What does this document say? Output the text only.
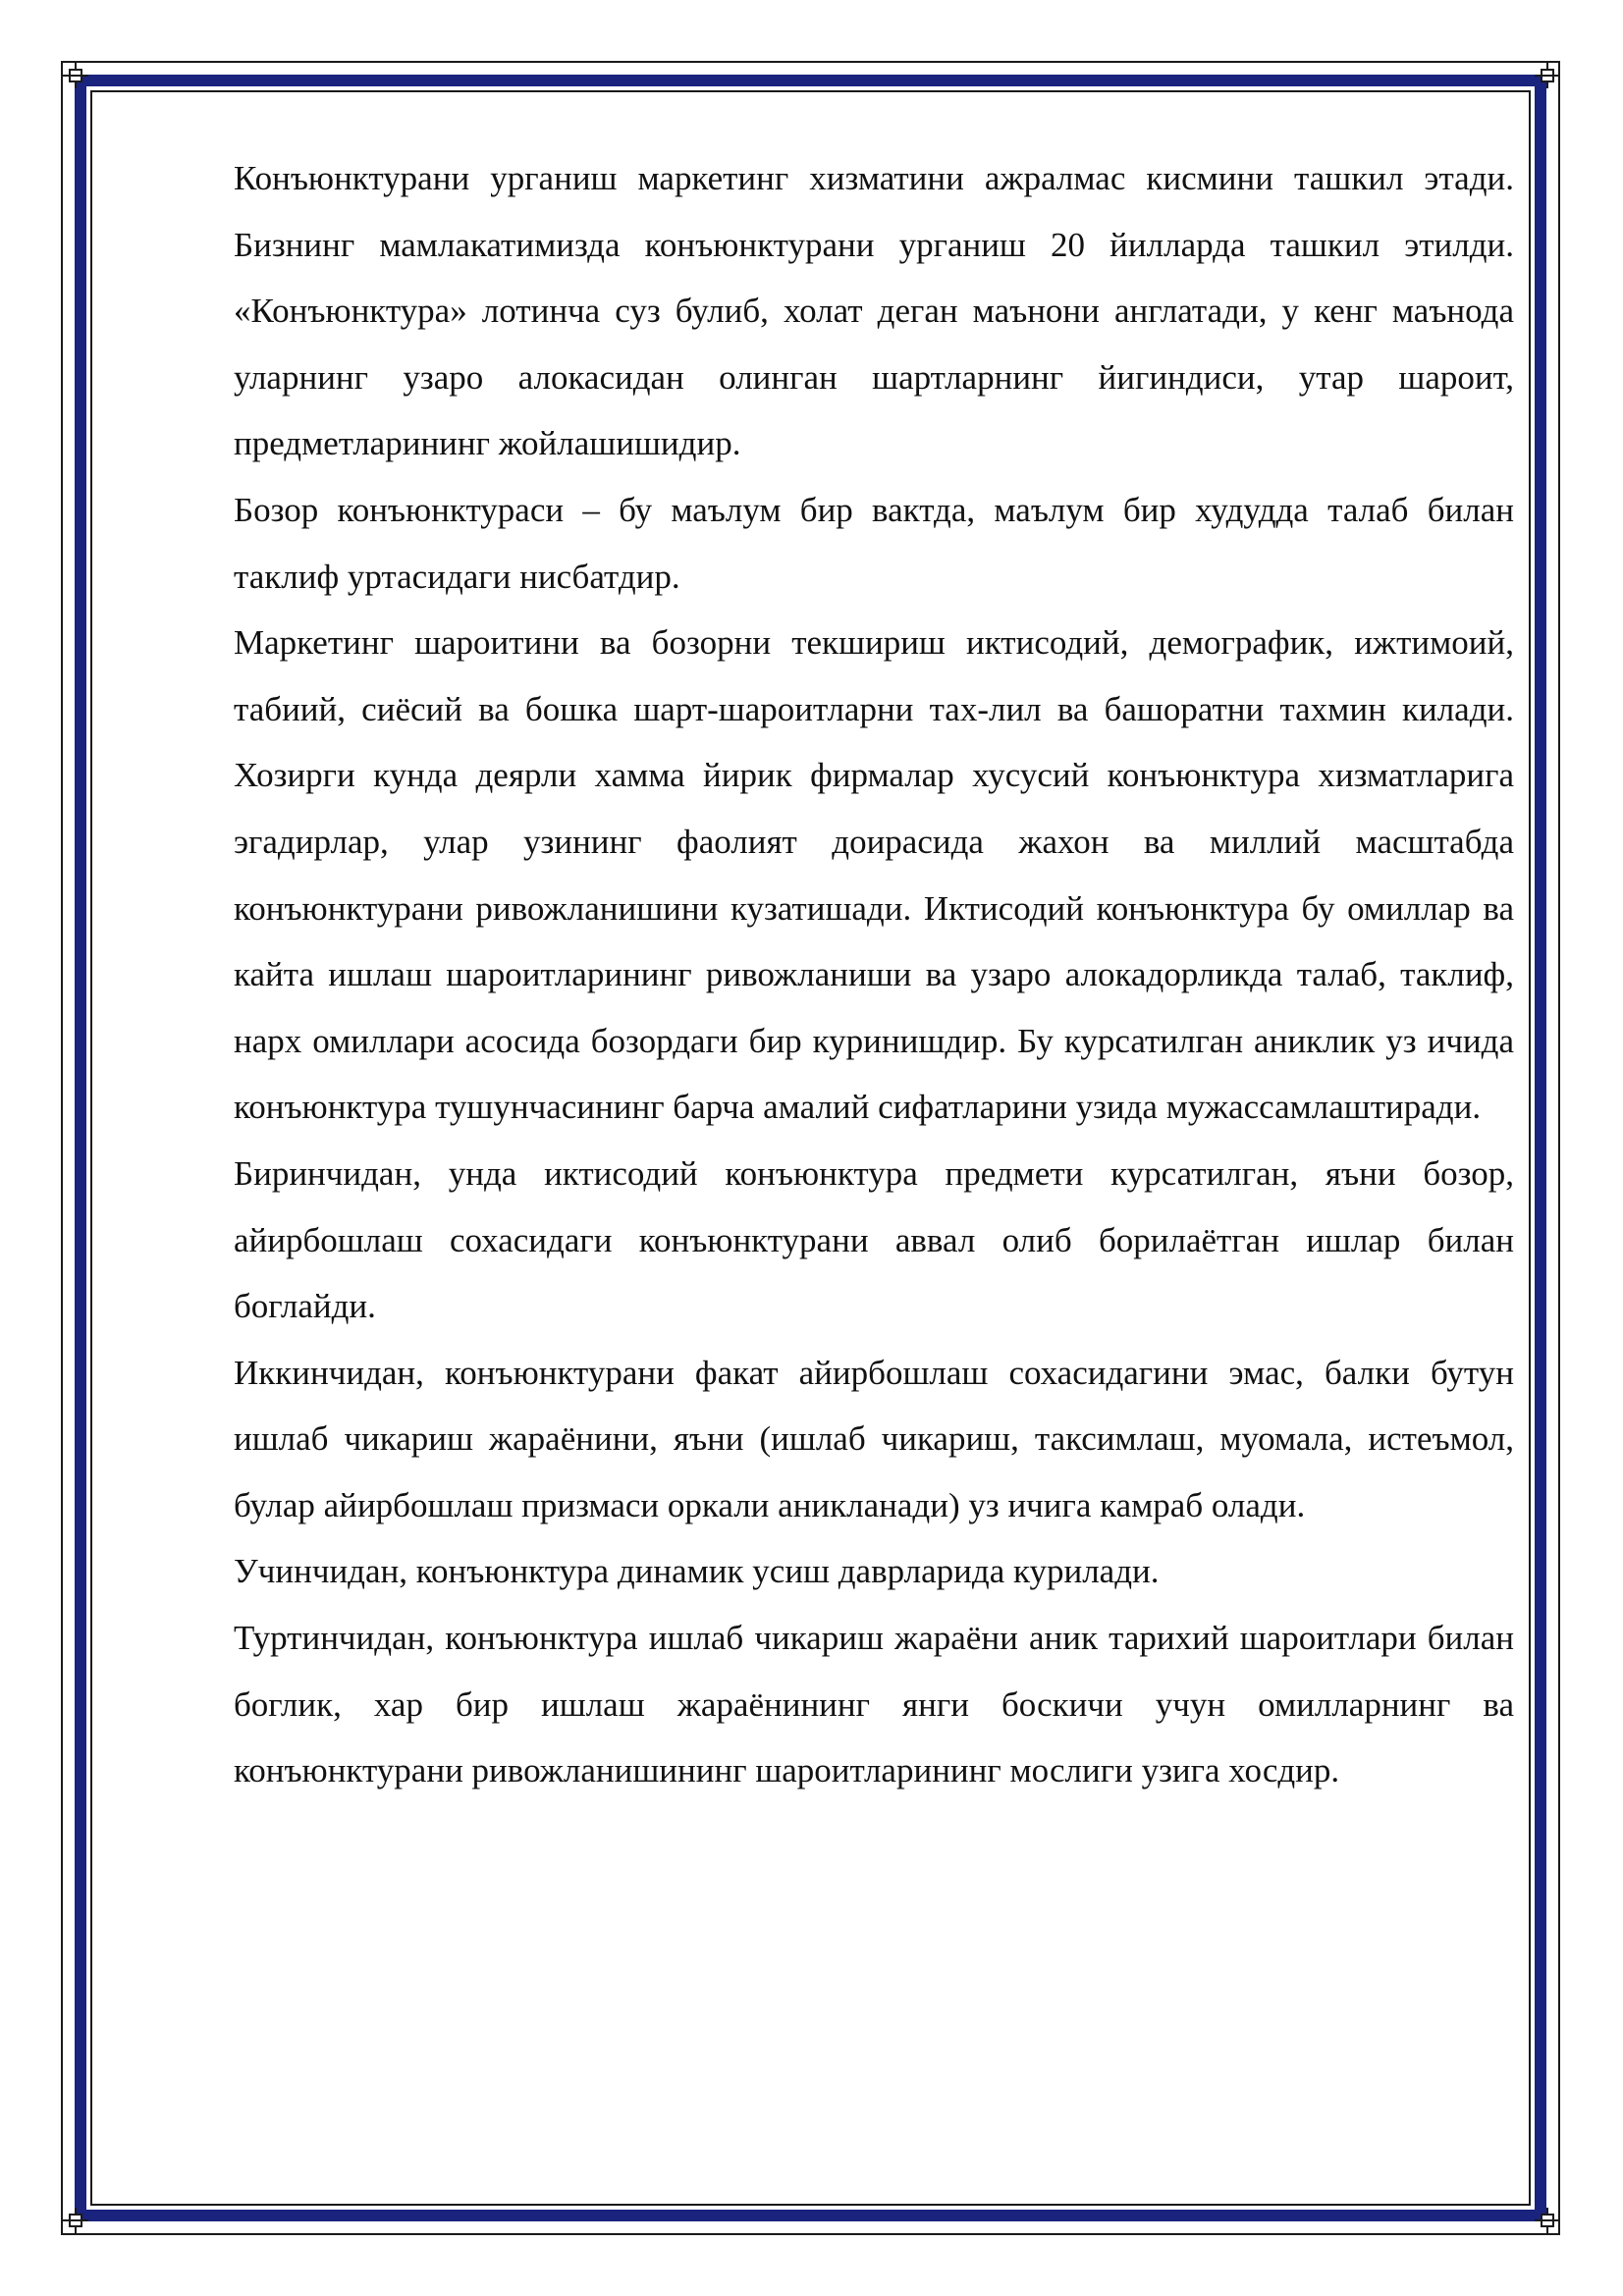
Конъюнктурани урганиш маркетинг хизматини ажралмас кисмини ташкил этади. Бизнинг мамлакатимизда конъюнктурани урганиш 20 йилларда ташкил этилди. «Конъюнктура» лотинча суз булиб, холат деган маънони англатади, у кенг маънода уларнинг узаро алокасидан олинган шартларнинг йигиндиси, утар шароит, предметларининг жойлашишидир.

Бозор конъюнктураси – бу маълум бир вактда, маълум бир худудда талаб билан таклиф уртасидаги нисбатдир.

Маркетинг шароитини ва бозорни текшириш иктисодий, демографик, ижтимоий, табиий, сиёсий ва бошка шарт-шароитларни тах-лил ва башоратни тахмин килади. Хозирги кунда деярли хамма йирик фирмалар хусусий конъюнктура хизматларига эгадирлар, улар узининг фаолият доирасида жахон ва миллий масштабда конъюнктурани ривожланишини кузатишади. Иктисодий конъюнктура бу омиллар ва кайта ишлаш шароитларининг ривожланиши ва узаро алокадорликда талаб, таклиф, нарх омиллари асосида бозордаги бир куринишдир. Бу курсатилган аниклик уз ичида конъюнктура тушунчасининг барча амалий сифатларини узида мужассамлаштиради.

Биринчидан, унда иктисодий конъюнктура предмети курсатилган, яъни бозор, айирбошлаш сохасидаги конъюнктурани аввал олиб борилаётган ишлар билан боглайди.

Иккинчидан, конъюнктурани факат айирбошлаш сохасидагини эмас, балки бутун ишлаб чикариш жараёнини, яъни (ишлаб чикариш, таксимлаш, муомала, истеъмол, булар айирбошлаш призмаси оркали аникланади) уз ичига камраб олади.

Учинчидан, конъюнктура динамик усиш даврларида курилади.

Туртинчидан, конъюнктура ишлаб чикариш жараёни аник тарихий шароитлари билан боглик, хар бир ишлаш жараёнининг янги боскичи учун омилларнинг ва конъюнктурани ривожланишининг шароитларининг мослиги узига хосдир.
